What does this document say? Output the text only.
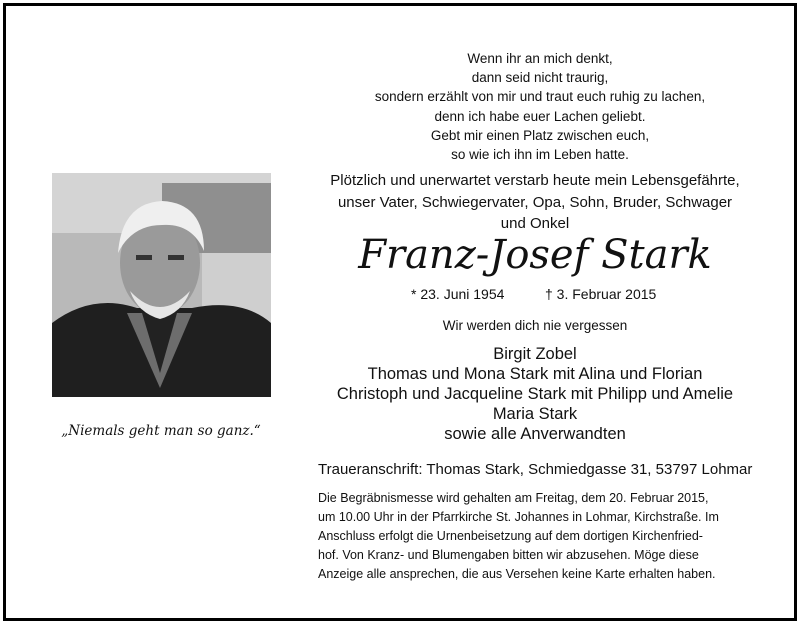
Wenn ihr an mich denkt,
dann seid nicht traurig,
sondern erzählt von mir und traut euch ruhig zu lachen,
denn ich habe euer Lachen geliebt.
Gebt mir einen Platz zwischen euch,
so wie ich ihn im Leben hatte.
Plötzlich und unerwartet verstarb heute mein Lebensgefährte,
unser Vater, Schwiegervater, Opa, Sohn, Bruder, Schwager
und Onkel
Franz-Josef Stark
* 23. Juni 1954	† 3. Februar 2015
Wir werden dich nie vergessen
Birgit Zobel
Thomas und Mona Stark mit Alina und Florian
Christoph und Jacqueline Stark mit Philipp und Amelie
Maria Stark
sowie alle Anverwandten
„Niemals geht man so ganz.“
Traueranschrift: Thomas Stark, Schmiedgasse 31, 53797 Lohmar
Die Begräbnismesse wird gehalten am Freitag, dem 20. Februar 2015,
um 10.00 Uhr in der Pfarrkirche St. Johannes in Lohmar, Kirchstraße. Im
Anschluss erfolgt die Urnenbeisetzung auf dem dortigen Kirchenfried-
hof. Von Kranz- und Blumengaben bitten wir abzusehen. Möge diese
Anzeige alle ansprechen, die aus Versehen keine Karte erhalten haben.
